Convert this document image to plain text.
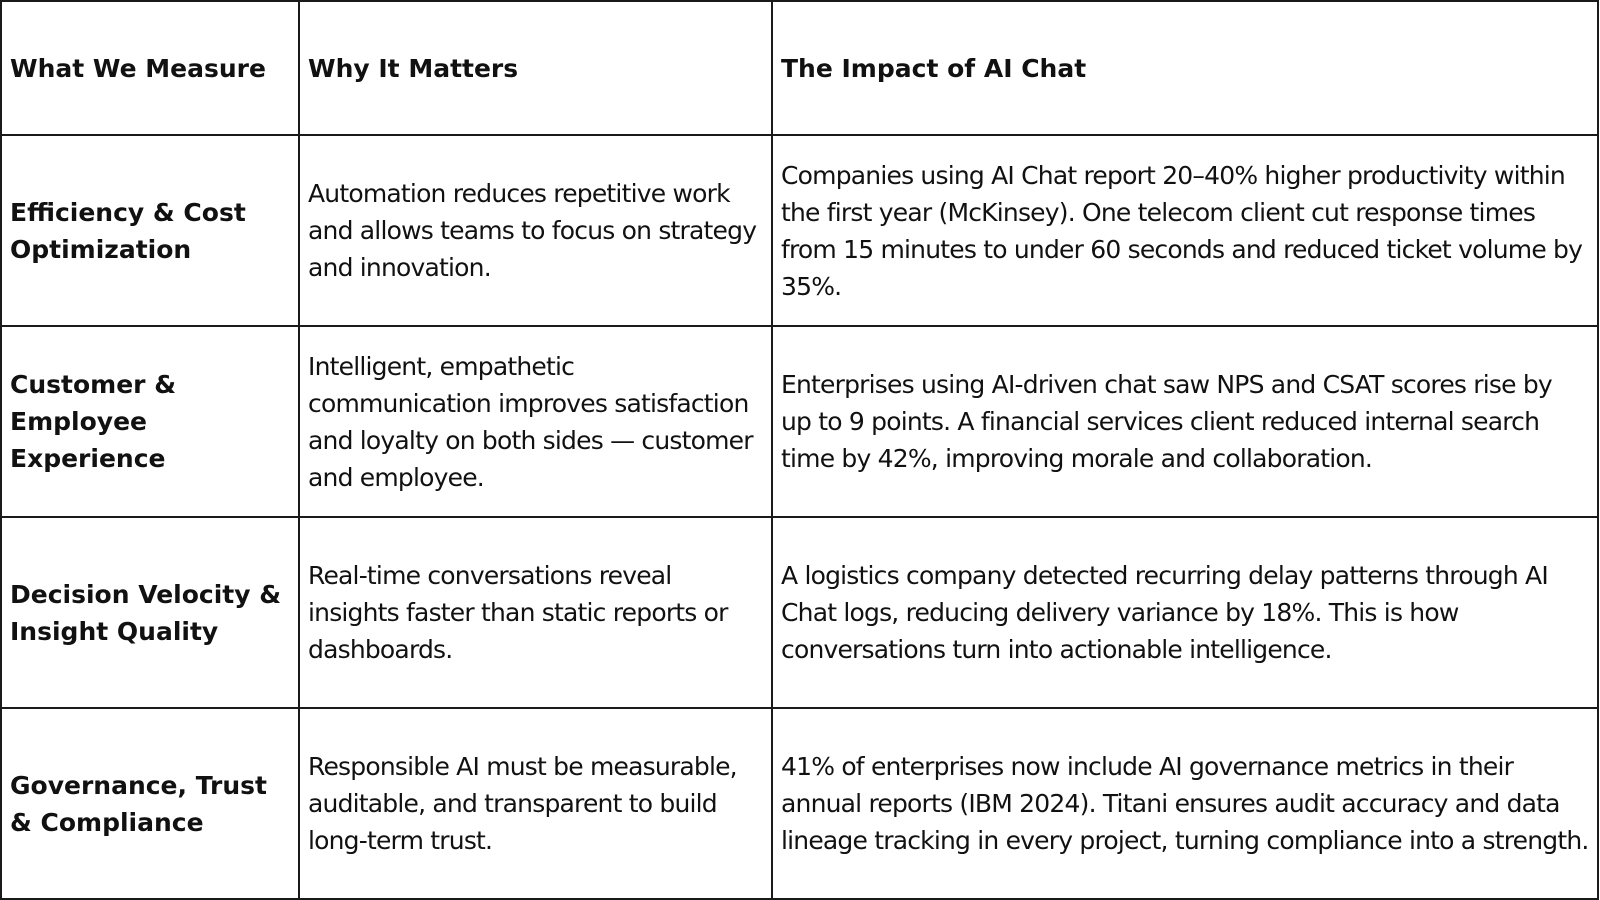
What We Measure	Why It Matters	The Impact of AI Chat
Efficiency & Cost Optimization	Automation reduces repetitive work and allows teams to focus on strategy and innovation.	Companies using AI Chat report 20–40% higher productivity within the first year (McKinsey). One telecom client cut response times from 15 minutes to under 60 seconds and reduced ticket volume by 35%.
Customer & Employee Experience	Intelligent, empathetic communication improves satisfaction and loyalty on both sides — customer and employee.	Enterprises using AI-driven chat saw NPS and CSAT scores rise by up to 9 points. A financial services client reduced internal search time by 42%, improving morale and collaboration.
Decision Velocity & Insight Quality	Real-time conversations reveal insights faster than static reports or dashboards.	A logistics company detected recurring delay patterns through AI Chat logs, reducing delivery variance by 18%. This is how conversations turn into actionable intelligence.
Governance, Trust & Compliance	Responsible AI must be measurable, auditable, and transparent to build long-term trust.	41% of enterprises now include AI governance metrics in their annual reports (IBM 2024). Titani ensures audit accuracy and data lineage tracking in every project, turning compliance into a strength.
